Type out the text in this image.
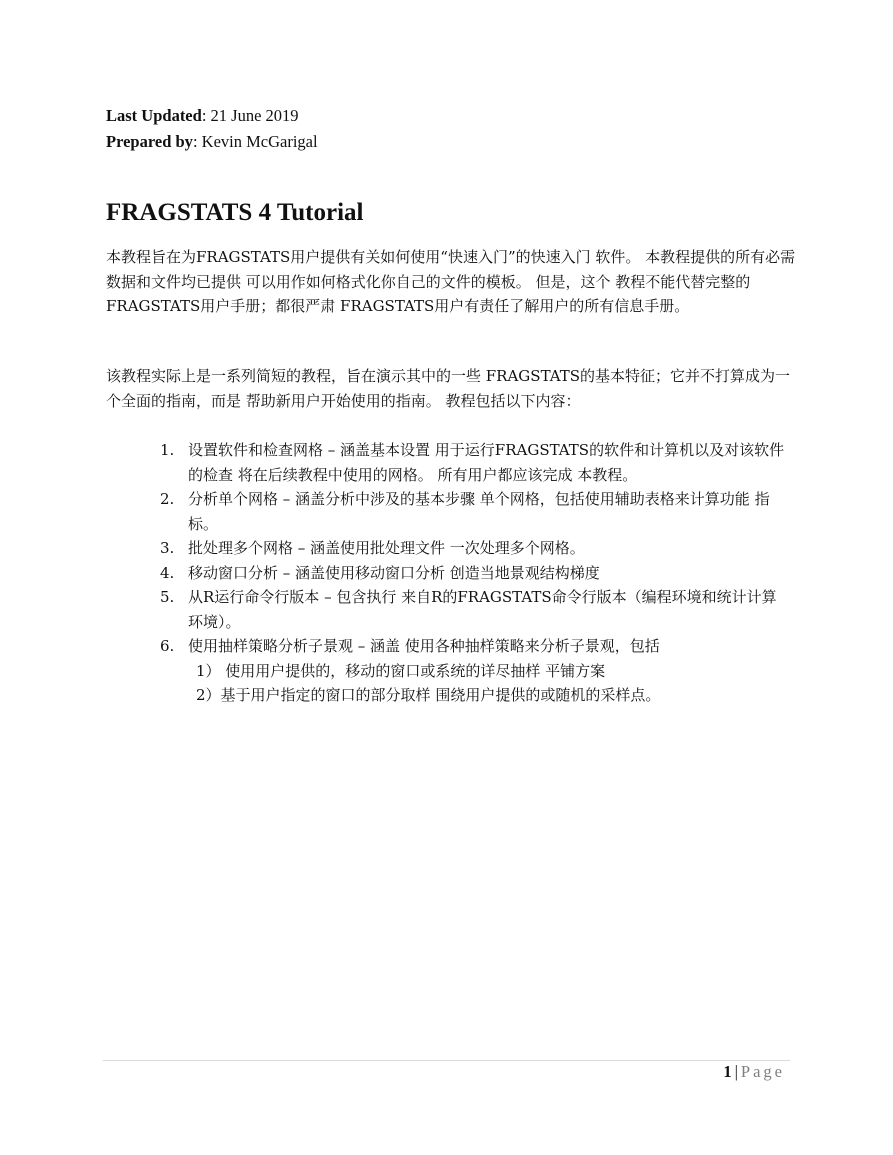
Last Updated: 21 June 2019
Prepared by: Kevin McGarigal
FRAGSTATS 4 Tutorial

本教程旨在为FRAGSTATS用户提供有关如何使用“快速入门”的快速入门 软件。 本教程提供的所有必需数据和文件均已提供 可以用作如何格式化你自己的文件的模板。 但是，这个 教程不能代替完整的FRAGSTATS用户手册；都很严肃 FRAGSTATS用户有责任了解用户的所有信息手册。

该教程实际上是一系列简短的教程，旨在演示其中的一些 FRAGSTATS的基本特征；它并不打算成为一个全面的指南，而是 帮助新用户开始使用的指南。 教程包括以下内容：

1. 设置软件和检查网格 – 涵盖基本设置 用于运行FRAGSTATS的软件和计算机以及对该软件的检查 将在后续教程中使用的网格。 所有用户都应该完成 本教程。
2. 分析单个网格 – 涵盖分析中涉及的基本步骤 单个网格，包括使用辅助表格来计算功能 指标。
3. 批处理多个网格 – 涵盖使用批处理文件 一次处理多个网格。
4. 移动窗口分析 – 涵盖使用移动窗口分析 创造当地景观结构梯度
5. 从R运行命令行版本 – 包含执行 来自R的FRAGSTATS命令行版本（编程环境和统计计算环境）。
6. 使用抽样策略分析子景观 – 涵盖 使用各种抽样策略来分析子景观，包括
1） 使用用户提供的，移动的窗口或系统的详尽抽样 平铺方案
2）基于用户指定的窗口的部分取样 围绕用户提供的或随机的采样点。
1 | Page
